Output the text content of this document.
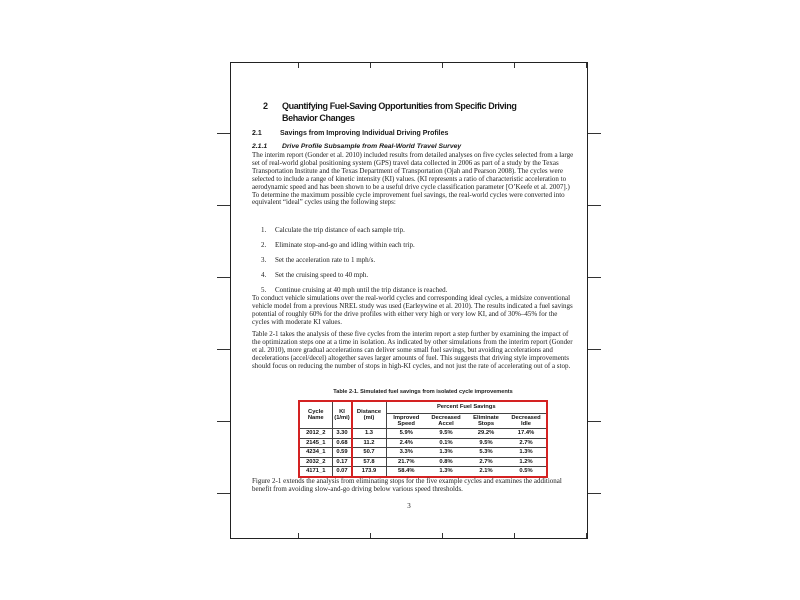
2	Quantifying Fuel-Saving Opportunities from Specific Driving
Behavior Changes
2.1	Savings from Improving Individual Driving Profiles
2.1.1	Drive Profile Subsample from Real-World Travel Survey

The interim report (Gonder et al. 2010) included results from detailed analyses on five cycles selected from a large set of real-world global positioning system (GPS) travel data collected in 2006 as part of a study by the Texas Transportation Institute and the Texas Department of Transportation (Ojah and Pearson 2008). The cycles were selected to include a range of kinetic intensity (KI) values. (KI represents a ratio of characteristic acceleration to aerodynamic speed and has been shown to be a useful drive cycle classification parameter [O’Keefe et al. 2007].) To determine the maximum possible cycle improvement fuel savings, the real-world cycles were converted into equivalent “ideal” cycles using the following steps:

1.	Calculate the trip distance of each sample trip.
2.	Eliminate stop-and-go and idling within each trip.
3.	Set the acceleration rate to 1 mph/s.
4.	Set the cruising speed to 40 mph.
5.	Continue cruising at 40 mph until the trip distance is reached.

To conduct vehicle simulations over the real-world cycles and corresponding ideal cycles, a midsize conventional vehicle model from a previous NREL study was used (Earleywine et al. 2010). The results indicated a fuel savings potential of roughly 60% for the drive profiles with either very high or very low KI, and of 30%–45% for the cycles with moderate KI values.

Table 2-1 takes the analysis of these five cycles from the interim report a step further by examining the impact of the optimization steps one at a time in isolation. As indicated by other simulations from the interim report (Gonder et al. 2010), more gradual accelerations can deliver some small fuel savings, but avoiding accelerations and decelerations (accel/decel) altogether saves larger amounts of fuel. This suggests that driving style improvements should focus on reducing the number of stops in high-KI cycles, and not just the rate of accelerating out of a stop.

Table 2-1. Simulated fuel savings from isolated cycle improvements
Cycle Name	KI (1/mi)	Distance (mi)	Percent Fuel Savings			
			Improved Speed	Decreased Accel	Eliminate Stops	Decreased Idle
2012_2	3.30	1.3	5.9%	9.5%	29.2%	17.4%
2145_1	0.68	11.2	2.4%	0.1%	9.5%	2.7%
4234_1	0.59	50.7	3.3%	1.3%	5.3%	1.3%
2032_2	0.17	57.8	21.7%	0.8%	2.7%	1.2%
4171_1	0.07	173.9	58.4%	1.3%	2.1%	0.5%

Figure 2-1 extends the analysis from eliminating stops for the five example cycles and examines the additional benefit from avoiding slow-and-go driving below various speed thresholds.

3
